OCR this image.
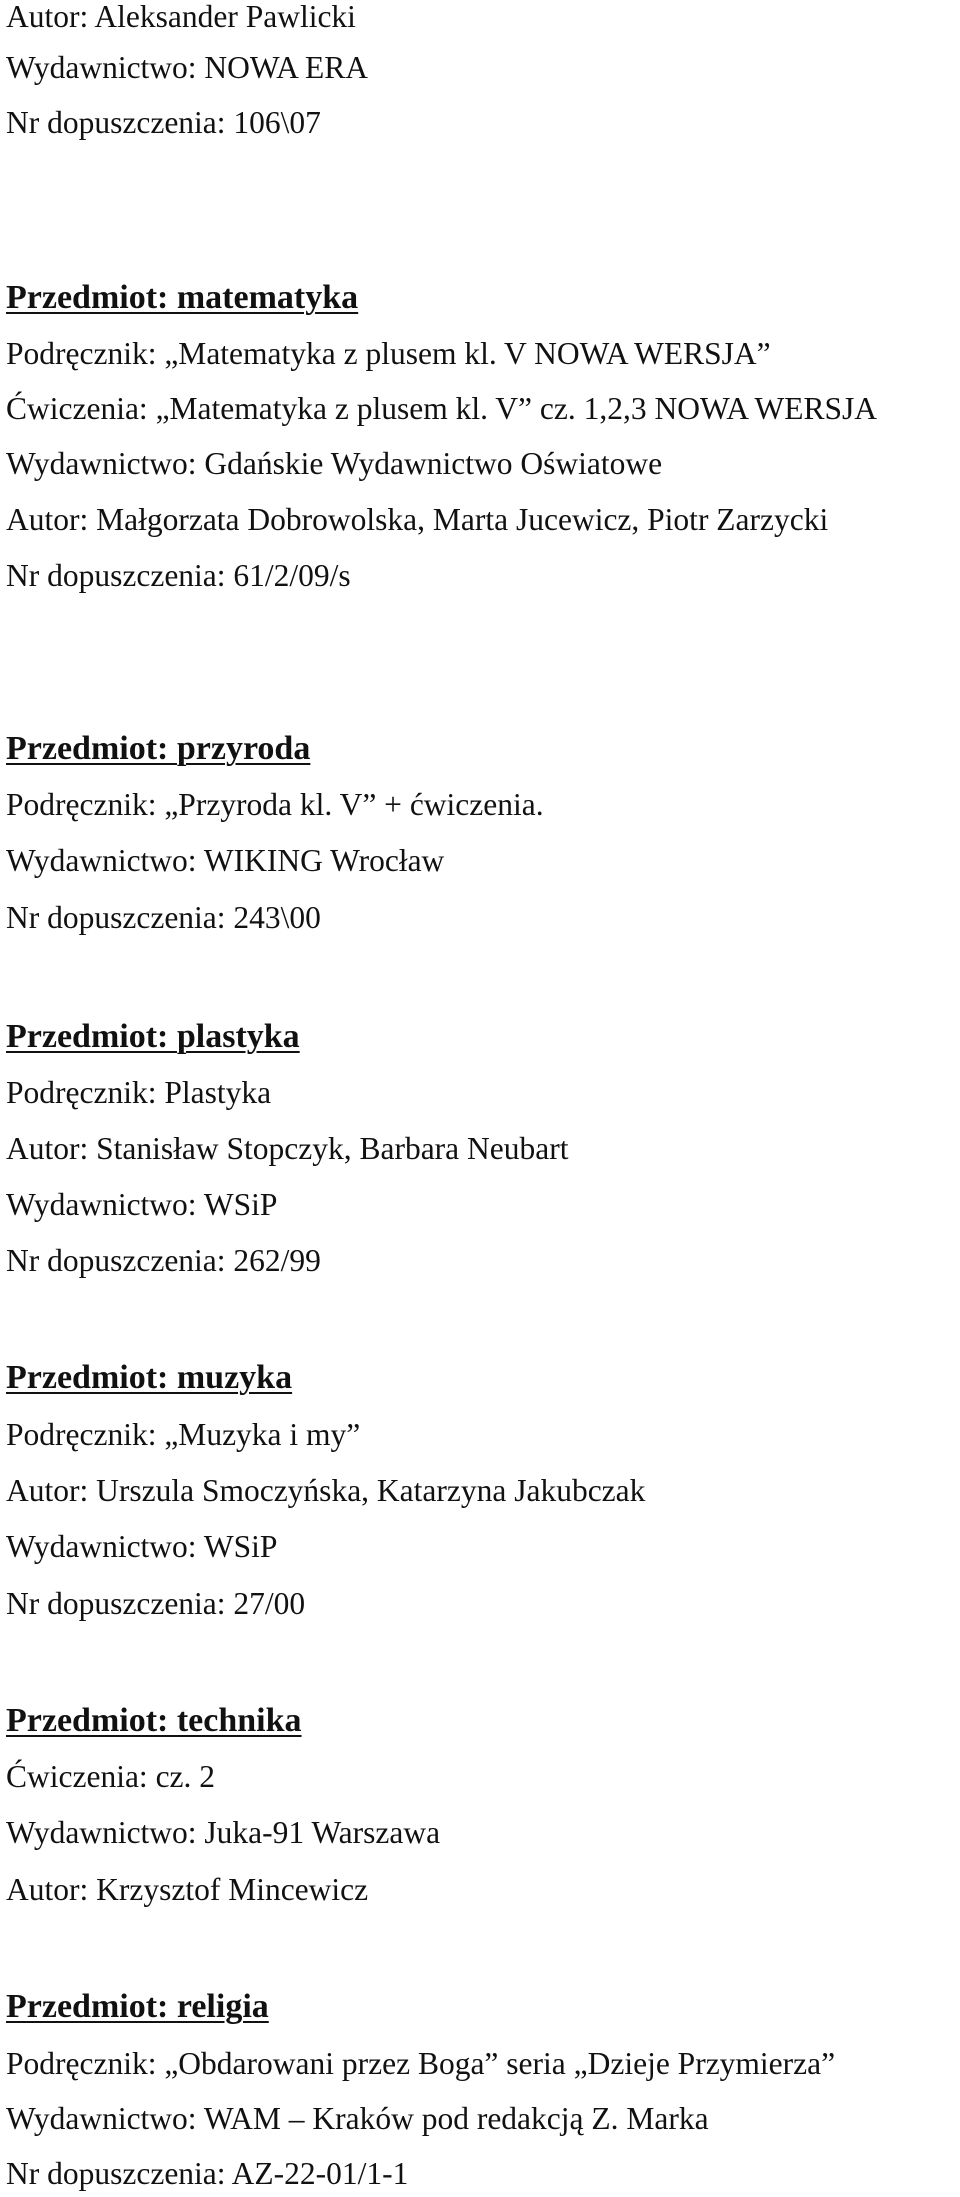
Autor: Aleksander Pawlicki
Wydawnictwo: NOWA ERA
Nr dopuszczenia: 106\07
Przedmiot: matematyka
Podręcznik: „Matematyka z plusem kl. V NOWA WERSJA”
Ćwiczenia: „Matematyka z plusem kl. V” cz. 1,2,3 NOWA WERSJA
Wydawnictwo: Gdańskie Wydawnictwo Oświatowe
Autor: Małgorzata Dobrowolska, Marta Jucewicz, Piotr Zarzycki
Nr dopuszczenia: 61/2/09/s
Przedmiot: przyroda
Podręcznik: „Przyroda kl. V” + ćwiczenia.
Wydawnictwo: WIKING Wrocław
Nr dopuszczenia: 243\00
Przedmiot: plastyka
Podręcznik: Plastyka
Autor: Stanisław Stopczyk, Barbara Neubart
Wydawnictwo: WSiP
Nr dopuszczenia: 262/99
Przedmiot: muzyka
Podręcznik: „Muzyka i my”
Autor: Urszula Smoczyńska, Katarzyna Jakubczak
Wydawnictwo: WSiP
Nr dopuszczenia: 27/00
Przedmiot: technika
Ćwiczenia: cz. 2
Wydawnictwo: Juka-91 Warszawa
Autor: Krzysztof Mincewicz
Przedmiot: religia
Podręcznik: „Obdarowani przez Boga” seria „Dzieje Przymierza”
Wydawnictwo: WAM – Kraków pod redakcją Z. Marka
Nr dopuszczenia: AZ-22-01/1-1
